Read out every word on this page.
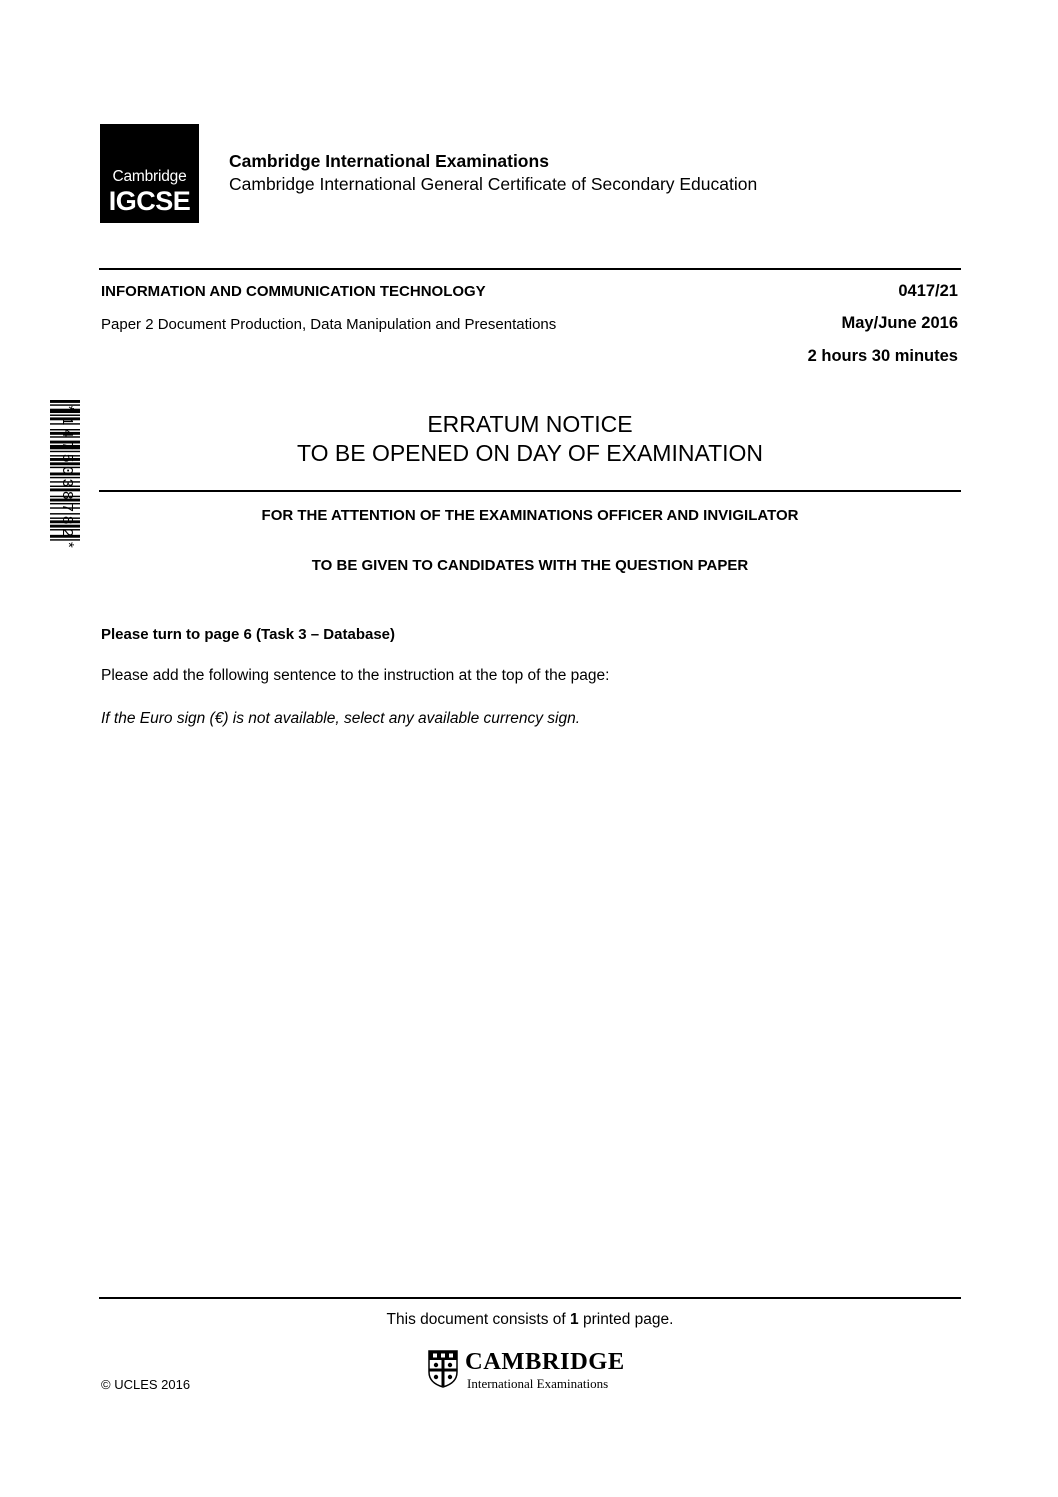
Cambridge
IGCSE
Cambridge International Examinations
Cambridge International General Certificate of Secondary Education
INFORMATION AND COMMUNICATION TECHNOLOGY
Paper 2 Document Production, Data Manipulation and Presentations
0417/21
May/June 2016
2 hours 30 minutes
*1475038782*	ERRATUM NOTICE
TO BE OPENED ON DAY OF EXAMINATION
FOR THE ATTENTION OF THE EXAMINATIONS OFFICER AND INVIGILATOR
TO BE GIVEN TO CANDIDATES WITH THE QUESTION PAPER
Please turn to page 6 (Task 3 – Database)
Please add the following sentence to the instruction at the top of the page:
If the Euro sign (€) is not available, select any available currency sign.
This document consists of 1 printed page.
CAMBRIDGE
International Examinations
© UCLES 2016
